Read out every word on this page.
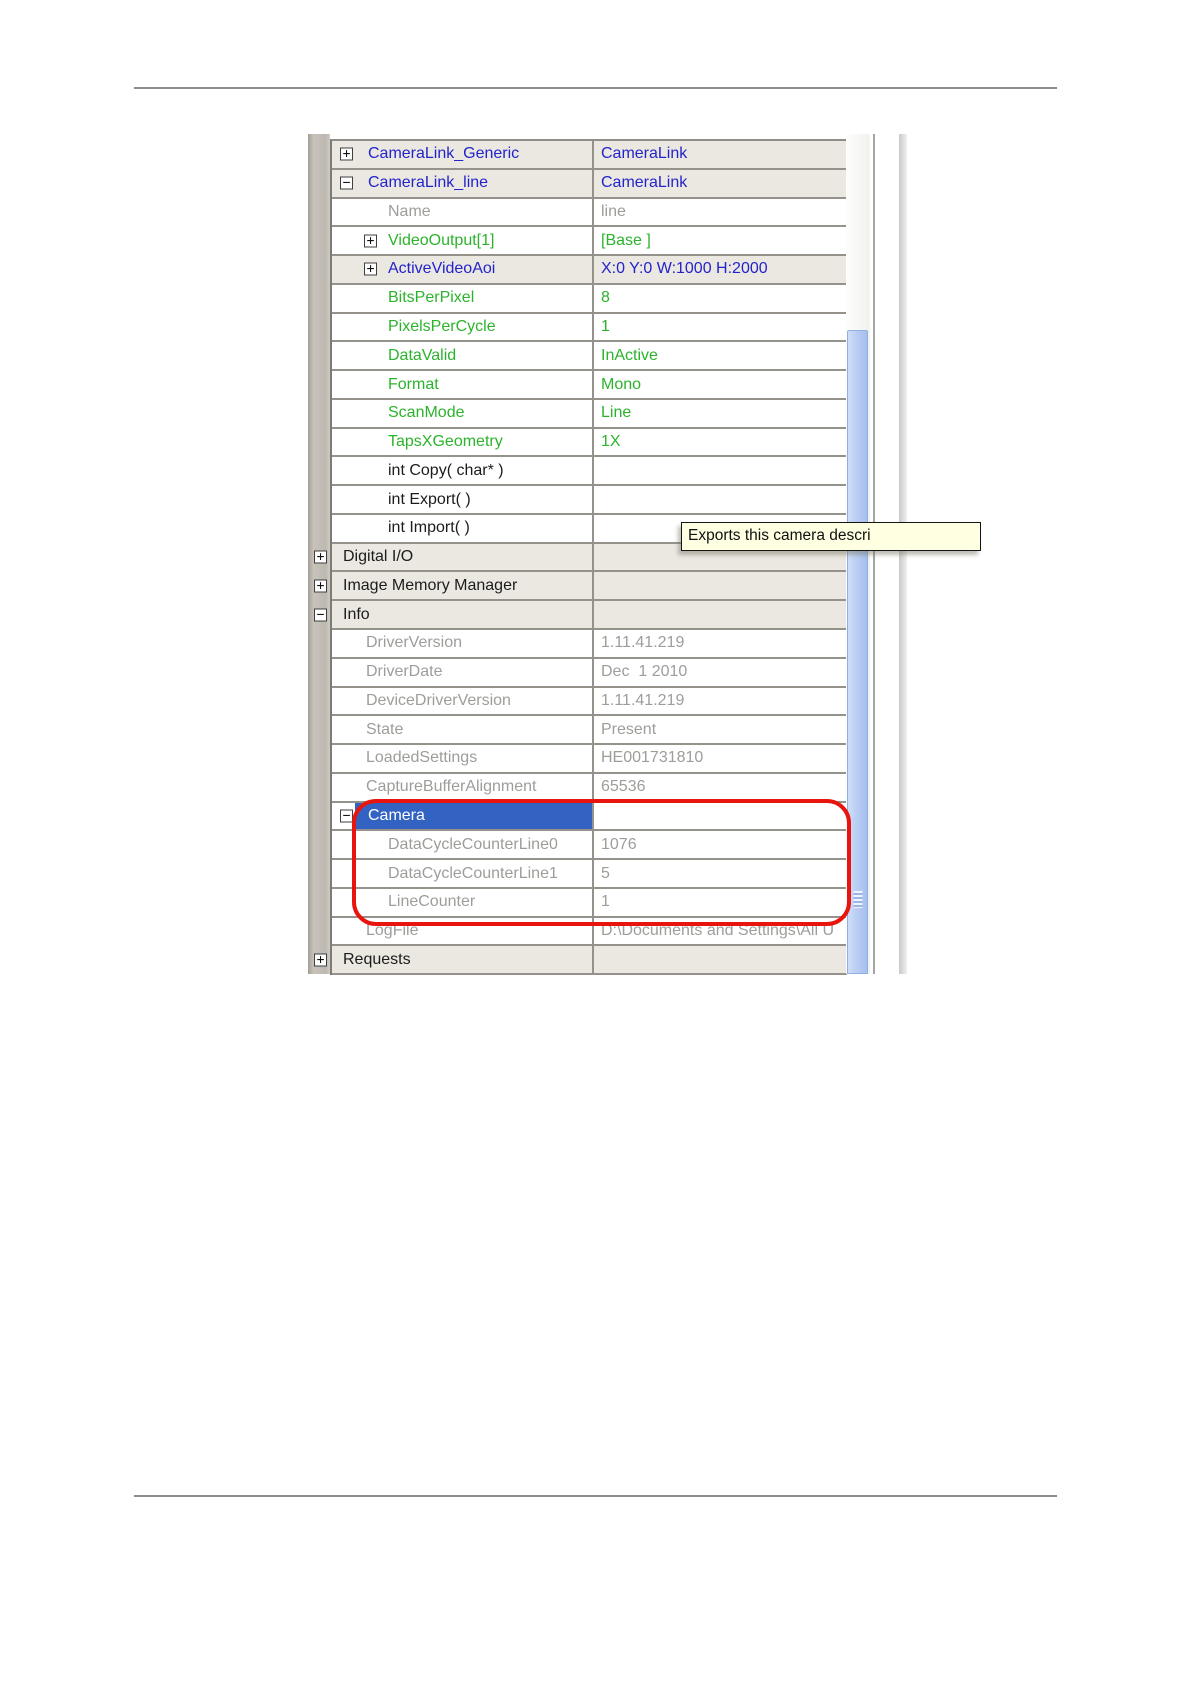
+ CameraLink_Generic	CameraLink
− CameraLink_line	CameraLink
Name	line
+ VideoOutput[1]	[Base ]
+ ActiveVideoAoi	X:0 Y:0 W:1000 H:2000
BitsPerPixel	8
PixelsPerCycle	1
DataValid	InActive
Format	Mono
ScanMode	Line
TapsXGeometry	1X
int Copy( char* )
int Export( )
int Import( )
+ Digital I/O
+ Image Memory Manager
− Info
DriverVersion	1.11.41.219
DriverDate	Dec  1 2010
DeviceDriverVersion	1.11.41.219
State	Present
LoadedSettings	HE001731810
CaptureBufferAlignment	65536
− Camera
DataCycleCounterLine0	1076
DataCycleCounterLine1	5
LineCounter	1
LogFile	D:\Documents and Settings\All U
+ Requests
Exports this camera descri
